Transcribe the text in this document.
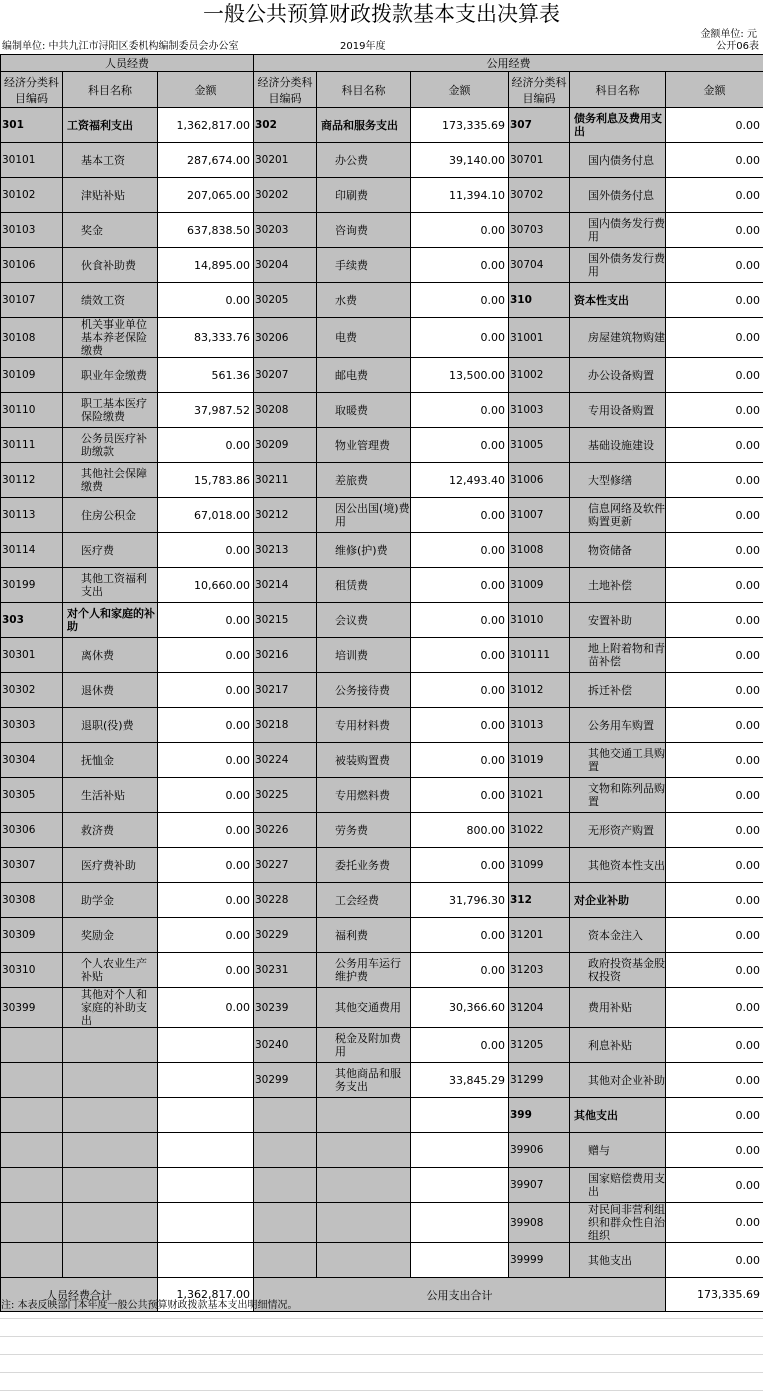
一般公共预算财政拨款基本支出决算表
金额单位: 元
编制单位: 中共九江市浔阳区委机构编制委员会办公室	2019年度	公开06表
人员经费			公用经费					
经济分类科目编码	科目名称	金额	经济分类科目编码	科目名称	金额	经济分类科目编码	科目名称	金额
301	工资福利支出	1,362,817.00	302	商品和服务支出	173,335.69	307	债务利息及费用支出	0.00
30101	基本工资	287,674.00	30201	办公费	39,140.00	30701	国内债务付息	0.00
30102	津贴补贴	207,065.00	30202	印刷费	11,394.10	30702	国外债务付息	0.00
30103	奖金	637,838.50	30203	咨询费	0.00	30703	国内债务发行费用	0.00
30106	伙食补助费	14,895.00	30204	手续费	0.00	30704	国外债务发行费用	0.00
30107	绩效工资	0.00	30205	水费	0.00	310	资本性支出	0.00
30108	机关事业单位基本养老保险缴费	83,333.76	30206	电费	0.00	31001	房屋建筑物购建	0.00
30109	职业年金缴费	561.36	30207	邮电费	13,500.00	31002	办公设备购置	0.00
30110	职工基本医疗保险缴费	37,987.52	30208	取暖费	0.00	31003	专用设备购置	0.00
30111	公务员医疗补助缴款	0.00	30209	物业管理费	0.00	31005	基础设施建设	0.00
30112	其他社会保障缴费	15,783.86	30211	差旅费	12,493.40	31006	大型修缮	0.00
30113	住房公积金	67,018.00	30212	因公出国(境)费用	0.00	31007	信息网络及软件购置更新	0.00
30114	医疗费	0.00	30213	维修(护)费	0.00	31008	物资储备	0.00
30199	其他工资福利支出	10,660.00	30214	租赁费	0.00	31009	土地补偿	0.00
303	对个人和家庭的补助	0.00	30215	会议费	0.00	31010	安置补助	0.00
30301	离休费	0.00	30216	培训费	0.00	310111	地上附着物和青苗补偿	0.00
30302	退休费	0.00	30217	公务接待费	0.00	31012	拆迁补偿	0.00
30303	退职(役)费	0.00	30218	专用材料费	0.00	31013	公务用车购置	0.00
30304	抚恤金	0.00	30224	被装购置费	0.00	31019	其他交通工具购置	0.00
30305	生活补贴	0.00	30225	专用燃料费	0.00	31021	文物和陈列品购置	0.00
30306	救济费	0.00	30226	劳务费	800.00	31022	无形资产购置	0.00
30307	医疗费补助	0.00	30227	委托业务费	0.00	31099	其他资本性支出	0.00
30308	助学金	0.00	30228	工会经费	31,796.30	312	对企业补助	0.00
30309	奖励金	0.00	30229	福利费	0.00	31201	资本金注入	0.00
30310	个人农业生产补贴	0.00	30231	公务用车运行维护费	0.00	31203	政府投资基金股权投资	0.00
30399	其他对个人和家庭的补助支出	0.00	30239	其他交通费用	30,366.60	31204	费用补贴	0.00
			30240	税金及附加费用	0.00	31205	利息补贴	0.00
			30299	其他商品和服务支出	33,845.29	31299	其他对企业补助	0.00
						399	其他支出	0.00
						39906	赠与	0.00
						39907	国家赔偿费用支出	0.00
						39908	对民间非营利组织和群众性自治组织	0.00
						39999	其他支出	0.00
人员经费合计		1,362,817.00	公用支出合计					173,335.69
注: 本表反映部门本年度一般公共预算财政拨款基本支出明细情况。
